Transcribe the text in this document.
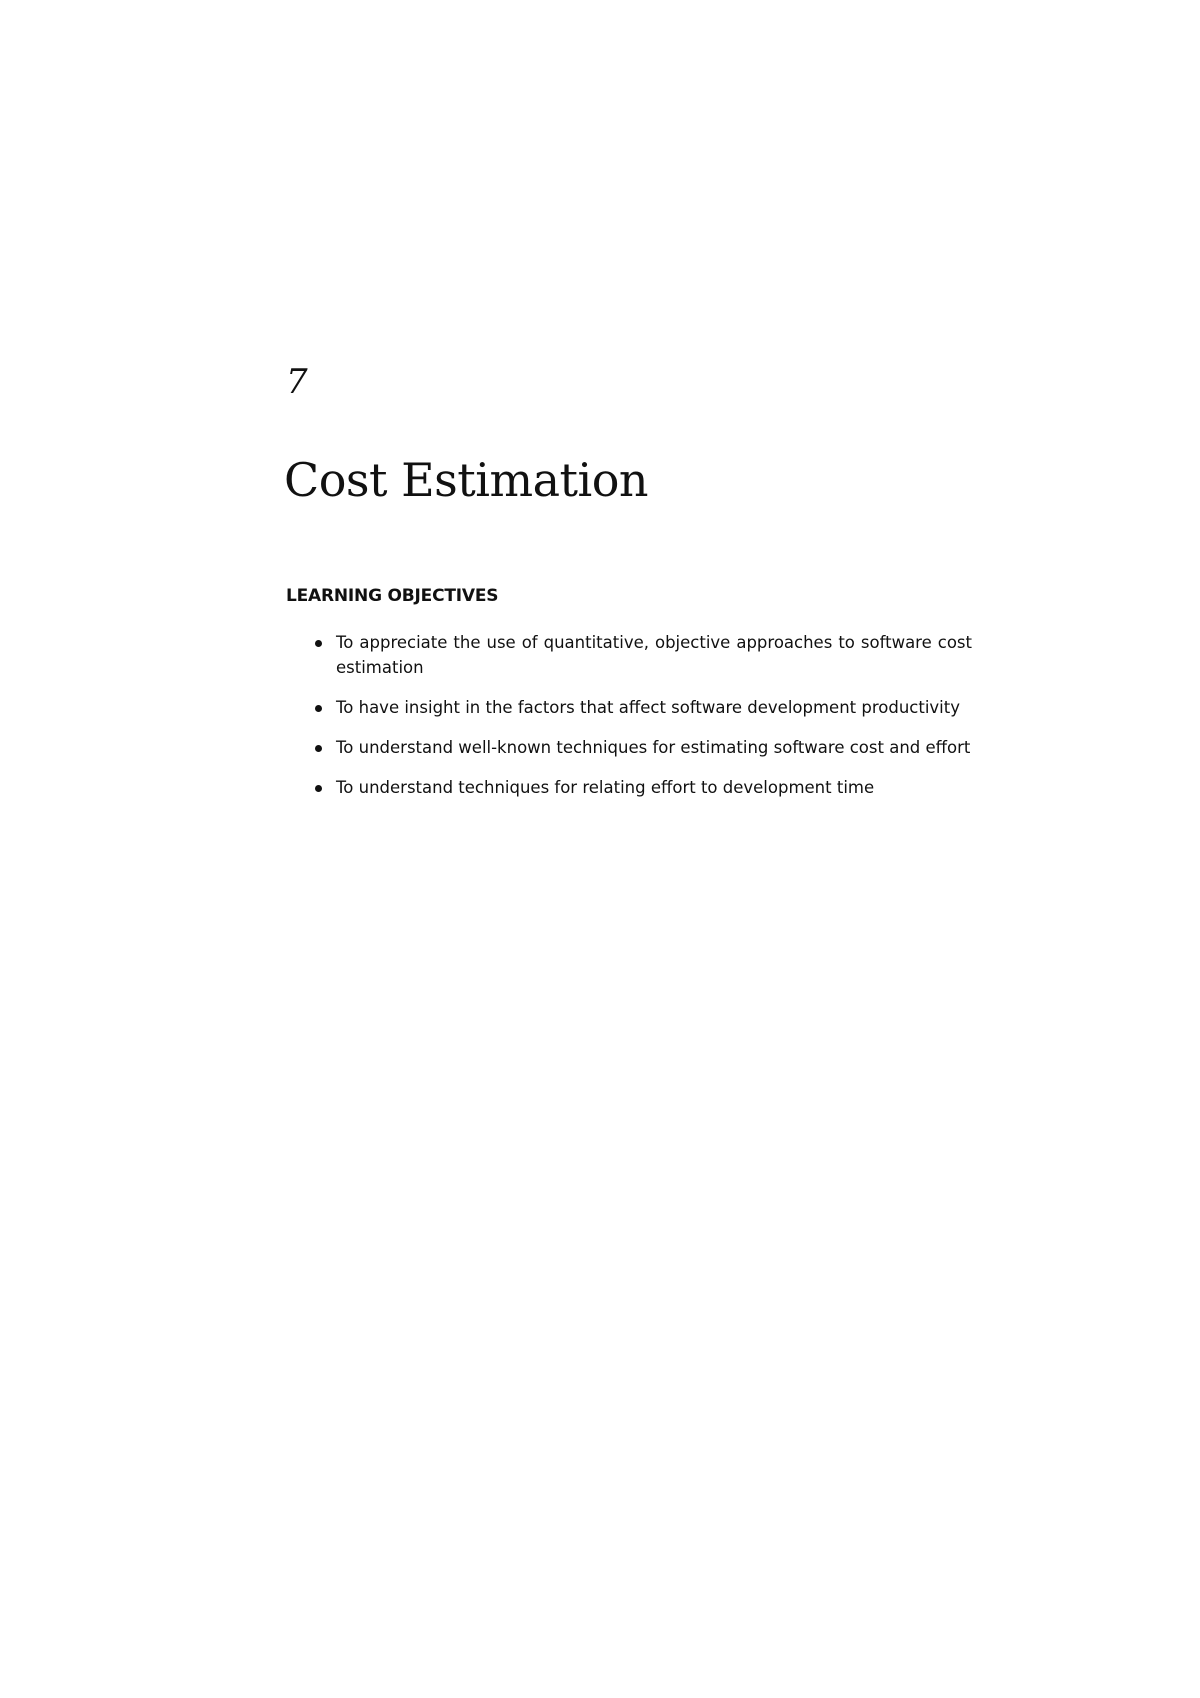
7

Cost Estimation
LEARNING OBJECTIVES
To appreciate the use of quantitative, objective approaches to software cost estimation
To have insight in the factors that affect software development productivity
To understand well-known techniques for estimating software cost and effort
To understand techniques for relating effort to development time
